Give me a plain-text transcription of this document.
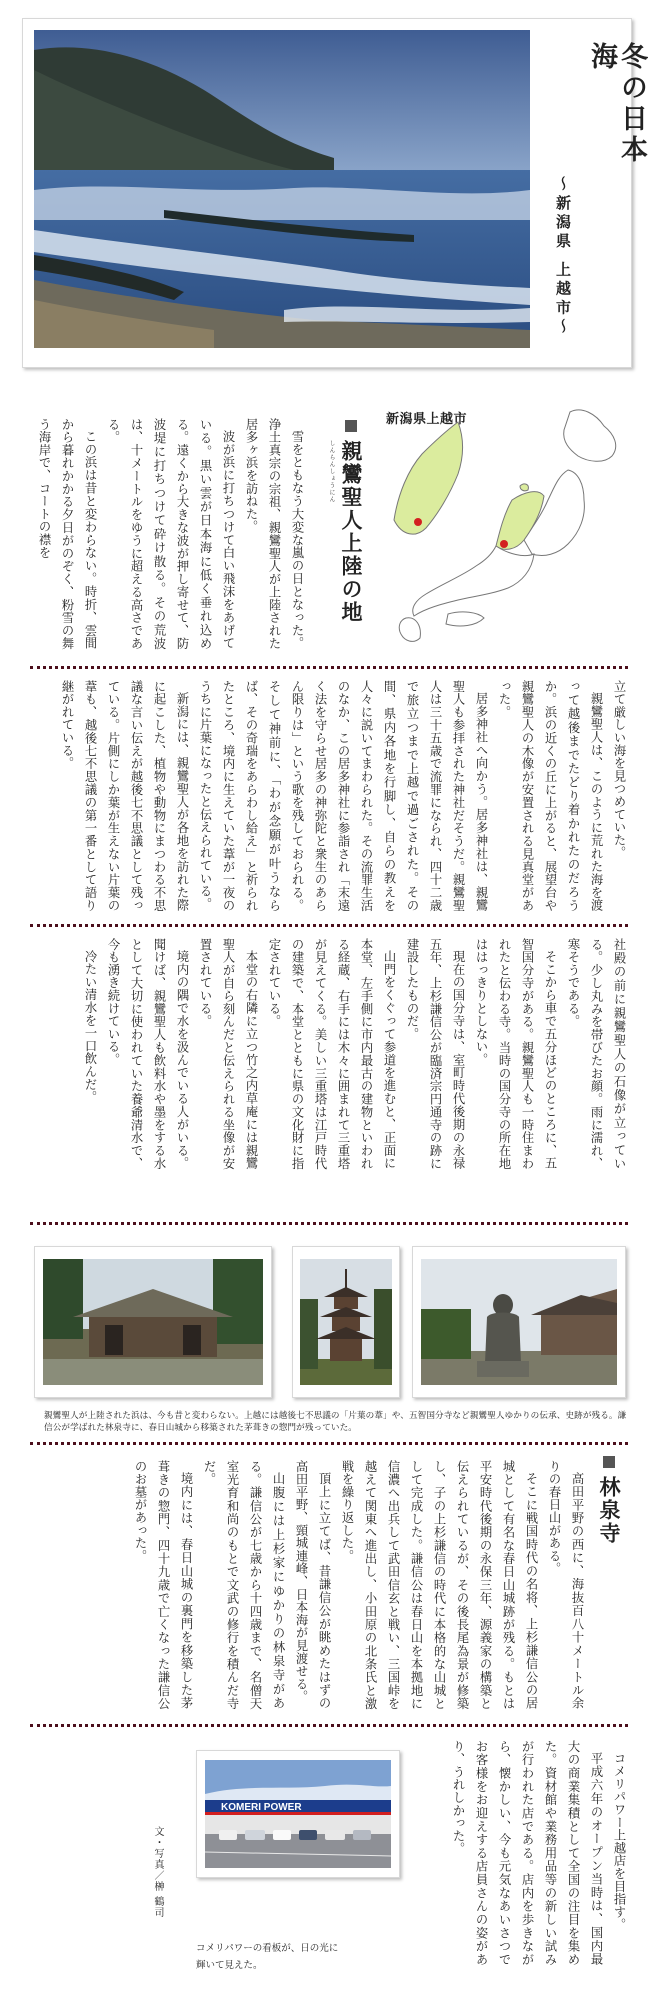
冬の日本海
～新潟県 上越市～
新潟県上越市
親鸞聖人上陸の地
しんらんしょうにん

雪をともなう大変な嵐の日となった。浄土真宗の宗祖、親鸞聖人が上陸された居多ヶ浜を訪ねた。

波が浜に打ちつけて白い飛沫をあげている。黒い雲が日本海に低く垂れ込める。遠くから大きな波が押し寄せて、防波堤に打ちつけて砕け散る。その荒波は、十メートルをゆうに超える高さである。

この浜は昔と変わらない。時折、雲間から暮れかかる夕日がのぞく、粉雪の舞う海岸で、コートの襟を

立て厳しい海を見つめていた。

親鸞聖人は、このように荒れた海を渡って越後までたどり着かれたのだろうか。浜の近くの丘に上がると、展望台や親鸞聖人の木像が安置される見真堂があった。

居多神社へ向かう。居多神社は、親鸞聖人も参拝された神社だそうだ。親鸞聖人は三十五歳で流罪になられ、四十二歳で旅立つまで上越で過ごされた。その間、県内各地を行脚し、自らの教えを人々に説いてまわられた。その流罪生活のなか、この居多神社に参詣され「末遠く法を守らせ居多の神弥陀と衆生のあらん限りは」という歌を残しておられる。そして神前に、「わが念願が叶うならば、その奇瑞をあらわし給え」と祈られたところ、境内に生えていた葦が一夜のうちに片葉になったと伝えられている。

新潟には、親鸞聖人が各地を訪れた際に起こした、植物や動物にまつわる不思議な言い伝えが越後七不思議として残っている。片側にしか葉が生えない片葉の葦も、越後七不思議の第一番として語り継がれている。

社殿の前に親鸞聖人の石像が立っている。少し丸みを帯びたお顔。雨に濡れ、寒そうである。

そこから車で五分ほどのところに、五智国分寺がある。親鸞聖人も一時住まわれたと伝わる寺。当時の国分寺の所在地ははっきりとしない。

現在の国分寺は、室町時代後期の永禄五年、上杉謙信公が臨済宗円通寺の跡に建設したものだ。

山門をくぐって参道を進むと、正面に本堂、左手側に市内最古の建物といわれる経蔵、右手には木々に囲まれて三重塔が見えてくる。美しい三重塔は江戸時代の建築で、本堂とともに県の文化財に指定されている。

本堂の右隣に立つ竹之内草庵には親鸞聖人が自ら刻んだと伝えられる坐像が安置されている。

境内の隅で水を汲んでいる人がいる。聞けば、親鸞聖人も飲料水や墨をする水として大切に使われていた養爺清水で、今も湧き続けている。

冷たい清水を一口飲んだ。

親鸞聖人が上陸された浜は、今も昔と変わらない。上越には越後七不思議の「片葉の葦」や、五智国分寺など親鸞聖人ゆかりの伝承、史跡が残る。謙信公が学ばれた林泉寺に、春日山城から移築された茅葺きの惣門が残っていた。
林泉寺

高田平野の西に、海抜百八十メートル余りの春日山がある。

そこに戦国時代の名将、上杉謙信公の居城として有名な春日山城跡が残る。もとは平安時代後期の永保三年、源義家の構築と伝えられているが、その後長尾為景が修築し、子の上杉謙信の時代に本格的な山城として完成した。謙信公は春日山を本拠地に信濃へ出兵して武田信玄と戦い、三国峠を越えて関東へ進出し、小田原の北条氏と激戦を繰り返した。

頂上に立てば、昔謙信公が眺めたはずの高田平野、頸城連峰、日本海が見渡せる。

山腹には上杉家にゆかりの林泉寺がある。謙信公が七歳から十四歳まで、名僧天室光育和尚のもとで文武の修行を積んだ寺だ。

境内には、春日山城の裏門を移築した茅葺きの惣門、四十九歳で亡くなった謙信公のお墓があった。

コメリパワー上越店を目指す。

平成六年のオープン当時は、国内最大の商業集積として全国の注目を集めた。資材館や業務用品等の新しい試みが行われた店である。店内を歩きながら、懐かしい、今も元気なあいさつでお客様をお迎えする店員さんの姿があり、うれしかった。

KOMERI POWER
文・写真／榊 鶴司
コメリパワーの看板が、日の光に輝いて見えた。
